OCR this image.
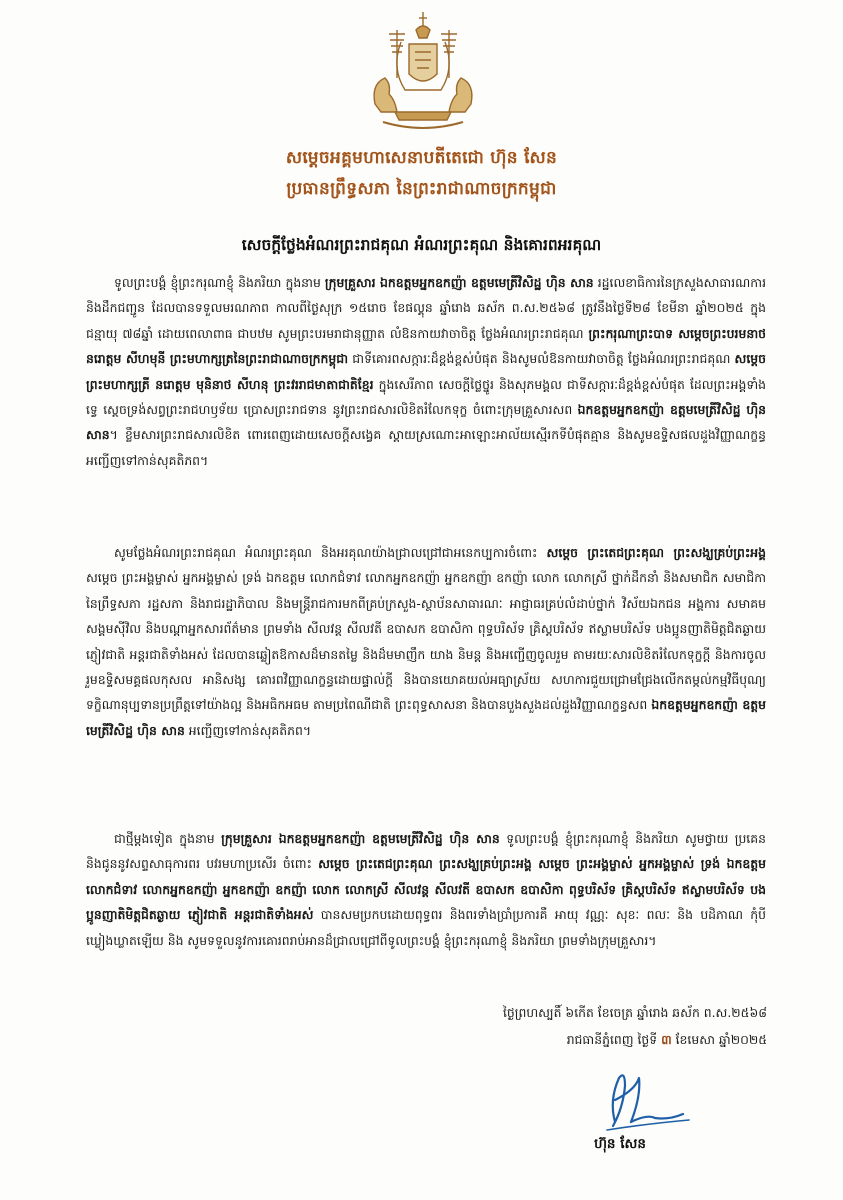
សម្ដេចអគ្គមហាសេនាបតីតេជោ ហ៊ុន សែន
ប្រធានព្រឹទ្ធសភា នៃព្រះរាជាណាចក្រកម្ពុជា
សេចក្ដីថ្លែងអំណរព្រះរាជគុណ អំណរព្រះគុណ និងគោរពអរគុណ
ទូលព្រះបង្គំ ខ្ញុំព្រះករុណាខ្ញុំ និងភរិយា ក្នុងនាម ក្រុមគ្រួសារ ឯកឧត្តមអ្នកឧកញ៉ា ឧត្ដមមេត្រីវិសិដ្ឋ ហ៊ិន សាន រដ្ឋលេខាធិការនៃក្រសួងសាធារណការ និងដឹកជញ្ជូន ដែលបានទទួលមរណភាព កាលពីថ្ងៃសុក្រ ១៥រោច ខែផល្គុន ឆ្នាំរោង ឆស័ក ព.ស.២៥៦៨ ត្រូវនឹងថ្ងៃទី២៨ ខែមីនា ឆ្នាំ២០២៥ ក្នុងជន្មាយុ ៧៨ឆ្នាំ ដោយពេលាពាធ ជាបឋម សូមព្រះបរមរាជានុញ្ញាត លំឱនកាយវាចាចិត្ត ថ្លែងអំណរព្រះរាជគុណ ព្រះករុណាព្រះបាទ សម្ដេចព្រះបរមនាថ នរោត្តម សីហមុនី ព្រះមហាក្សត្រនៃព្រះរាជាណាចក្រកម្ពុជា ជាទីគោរពសក្ការៈដ៏ខ្ពង់ខ្ពស់បំផុត និងសូមលំឱនកាយវាចាចិត្ត ថ្លែងអំណរព្រះរាជគុណ សម្ដេចព្រះមហាក្សត្រី នរោត្តម មុនិនាថ សីហនុ ព្រះវររាជមាតាជាតិខ្មែរ ក្នុងសេរីភាព សេចក្ដីថ្លៃថ្នូរ និងសុភមង្គល ជាទីសក្ការៈដ៏ខ្ពង់ខ្ពស់បំផុត ដែលព្រះអង្គទាំងទ្វេ ស្ដេចទ្រង់សព្វព្រះរាជហឫទ័យ ប្រោសព្រះរាជទាន នូវព្រះរាជសារលិខិតរំលែកទុក្ខ ចំពោះក្រុមគ្រួសារសព ឯកឧត្តមអ្នកឧកញ៉ា ឧត្ដមមេត្រីវិសិដ្ឋ ហ៊ិន សាន។ ខ្លឹមសារព្រះរាជសារលិខិត ពោរពេញដោយសេចក្ដីសង្វេគ ស្ដាយស្រណោះអាឡោះអាល័យស្មើរកទីបំផុតគ្មាន និងសូមឧទ្ទិសផលដួងវិញ្ញាណក្ខន្ធអញ្ជើញទៅកាន់សុគតិភព។
សូមថ្លែងអំណរព្រះរាជគុណ អំណរព្រះគុណ និងអរគុណយ៉ាងជ្រាលជ្រៅជាអនេកប្បការចំពោះ សម្ដេច ព្រះតេជព្រះគុណ ព្រះសង្ឃគ្រប់ព្រះអង្គ សម្ដេច ព្រះអង្គម្ចាស់ អ្នកអង្គម្ចាស់ ទ្រង់ ឯកឧត្តម លោកជំទាវ លោកអ្នកឧកញ៉ា អ្នកឧកញ៉ា ឧកញ៉ា លោក លោកស្រី ថ្នាក់ដឹកនាំ និងសមាជិក សមាជិកានៃព្រឹទ្ធសភា រដ្ឋសភា និងរាជរដ្ឋាភិបាល និងមន្ត្រីរាជការមកពីគ្រប់ក្រសួង-ស្ថាប័នសាធារណៈ អាជ្ញាធរគ្រប់លំដាប់ថ្នាក់ វិស័យឯកជន អង្គការ សមាគមសង្គមស៊ីវិល និងបណ្ដាអ្នកសារព័ត៌មាន ព្រមទាំង សីលវន្ត សីលវតី ឧបាសក ឧបាសិកា ពុទ្ធបរិស័ទ គ្រិស្ដបរិស័ទ ឥស្លាមបរិស័ទ បងប្អូនញាតិមិត្តជិតឆ្ងាយ ភ្ញៀវជាតិ អន្តរជាតិទាំងអស់ ដែលបានឆ្លៀតឱកាសដ៏មានតម្លៃ និងដ៏មមាញឹក យាង និមន្ត និងអញ្ជើញចូលរួម តាមរយៈសារលិខិតរំលែកទុក្ខក្តី និងការចូលរួមឧទ្ទិសមគ្គផលកុសល អានិសង្ស គោរពវិញ្ញាណក្ខន្ធដោយផ្ទាល់ក្ដី និងបានយោគយល់អធ្យាស្រ័យ សហការជួយជ្រោមជ្រែងលើកតម្កល់កម្មវិធីបុណ្យទក្ខិណានុប្បទានប្រព្រឹត្តទៅយ៉ាងល្អ និងអធិកអធម តាមប្រពៃណីជាតិ ព្រះពុទ្ធសាសនា និងបានបួងសួងដល់ដួងវិញ្ញាណក្ខន្ធសព ឯកឧត្តមអ្នកឧកញ៉ា ឧត្ដមមេត្រីវិសិដ្ឋ ហ៊ិន សាន អញ្ជើញទៅកាន់សុគតិភព។
ជាថ្មីម្ដងទៀត ក្នុងនាម ក្រុមគ្រួសារ ឯកឧត្តមអ្នកឧកញ៉ា ឧត្ដមមេត្រីវិសិដ្ឋ ហ៊ិន សាន ទូលព្រះបង្គំ ខ្ញុំព្រះករុណាខ្ញុំ និងភរិយា សូមថ្វាយ ប្រគេន និងជូននូវសព្ទសាធុការពរ បវរមហាប្រសើរ ចំពោះ សម្ដេច ព្រះតេជព្រះគុណ ព្រះសង្ឃគ្រប់ព្រះអង្គ សម្ដេច ព្រះអង្គម្ចាស់ អ្នកអង្គម្ចាស់ ទ្រង់ ឯកឧត្តម លោកជំទាវ លោកអ្នកឧកញ៉ា អ្នកឧកញ៉ា ឧកញ៉ា លោក លោកស្រី សីលវន្ត សីលវតី ឧបាសក ឧបាសិកា ពុទ្ធបរិស័ទ គ្រិស្ដបរិស័ទ ឥស្លាមបរិស័ទ បងប្អូនញាតិមិត្តជិតឆ្ងាយ ភ្ញៀវជាតិ អន្តរជាតិទាំងអស់ បានសមប្រកបដោយពុទ្ធពរ និងពរទាំងប្រាំប្រការគឺ អាយុ វណ្ណៈ សុខៈ ពលៈ និង បដិភាណ កុំបីឃ្លៀងឃ្លាតឡើយ និង សូមទទួលនូវការគោរពរាប់អានដ៏ជ្រាលជ្រៅពីទូលព្រះបង្គំ ខ្ញុំព្រះករុណាខ្ញុំ និងភរិយា ព្រមទាំងក្រុមគ្រួសារ។
ថ្ងៃព្រហស្បតិ៍ ៦កើត ខែចេត្រ ឆ្នាំរោង ឆស័ក ព.ស.២៥៦៨
រាជធានីភ្នំពេញ ថ្ងៃទី ៣ ខែមេសា ឆ្នាំ២០២៥
ហ៊ុន សែន
